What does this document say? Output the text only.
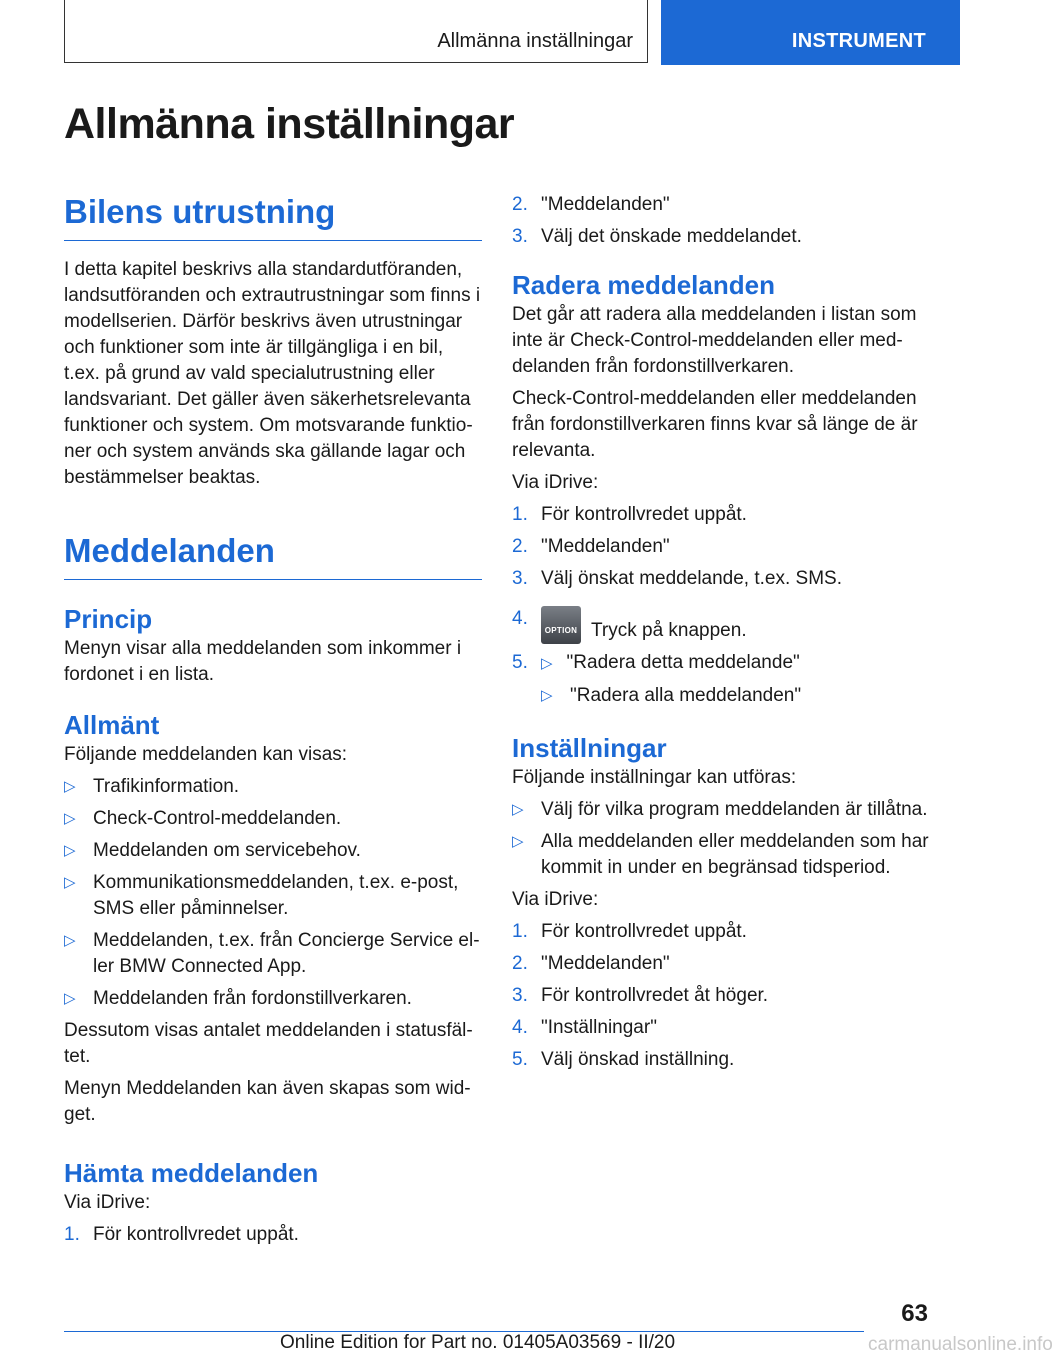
Allmänna inställningar	INSTRUMENT
Allmänna inställningar
Bilens utrustning

I detta kapitel beskrivs alla standardutföranden, landsutföranden och extrautrustningar som finns i modellserien. Därför beskrivs även utrustningar och funktioner som inte är tillgängliga i en bil, t.ex. på grund av vald specialutrustning eller landsvariant. Det gäller även säkerhetsrelevanta funktioner och system. Om motsvarande funktioner och system används ska gällande lagar och bestämmelser beaktas.

Meddelanden
Princip

Menyn visar alla meddelanden som inkommer i fordonet i en lista.

Allmänt

Följande meddelanden kan visas:

▷ Trafikinformation.
▷ Check-Control-meddelanden.
▷ Meddelanden om servicebehov.
▷ Kommunikationsmeddelanden, t.ex. e-post, SMS eller påminnelser.
▷ Meddelanden, t.ex. från Concierge Service eller BMW Connected App.
▷ Meddelanden från fordonstillverkaren.

Dessutom visas antalet meddelanden i statusfältet.

Menyn Meddelanden kan även skapas som widget.

Hämta meddelanden

Via iDrive:

1. För kontrollvredet uppåt.
2. "Meddelanden"
3. Välj det önskade meddelandet.
Radera meddelanden

Det går att radera alla meddelanden i listan som inte är Check-Control-meddelanden eller meddelanden från fordonstillverkaren.

Check-Control-meddelanden eller meddelanden från fordonstillverkaren finns kvar så länge de är relevanta.

Via iDrive:

1. För kontrollvredet uppåt.
2. "Meddelanden"
3. Välj önskat meddelande, t.ex. SMS.
4.
OPTION Tryck på knappen.
5. ▷ "Radera detta meddelande"
▷ "Radera alla meddelanden"
Inställningar

Följande inställningar kan utföras:

▷ Välj för vilka program meddelanden är tillåtna.
▷ Alla meddelanden eller meddelanden som har kommit in under en begränsad tidsperiod.

Via iDrive:

1. För kontrollvredet uppåt.
2. "Meddelanden"
3. För kontrollvredet åt höger.
4. "Inställningar"
5. Välj önskad inställning.
63
Online Edition for Part no. 01405A03569 - II/20	carmanualsonline.info
